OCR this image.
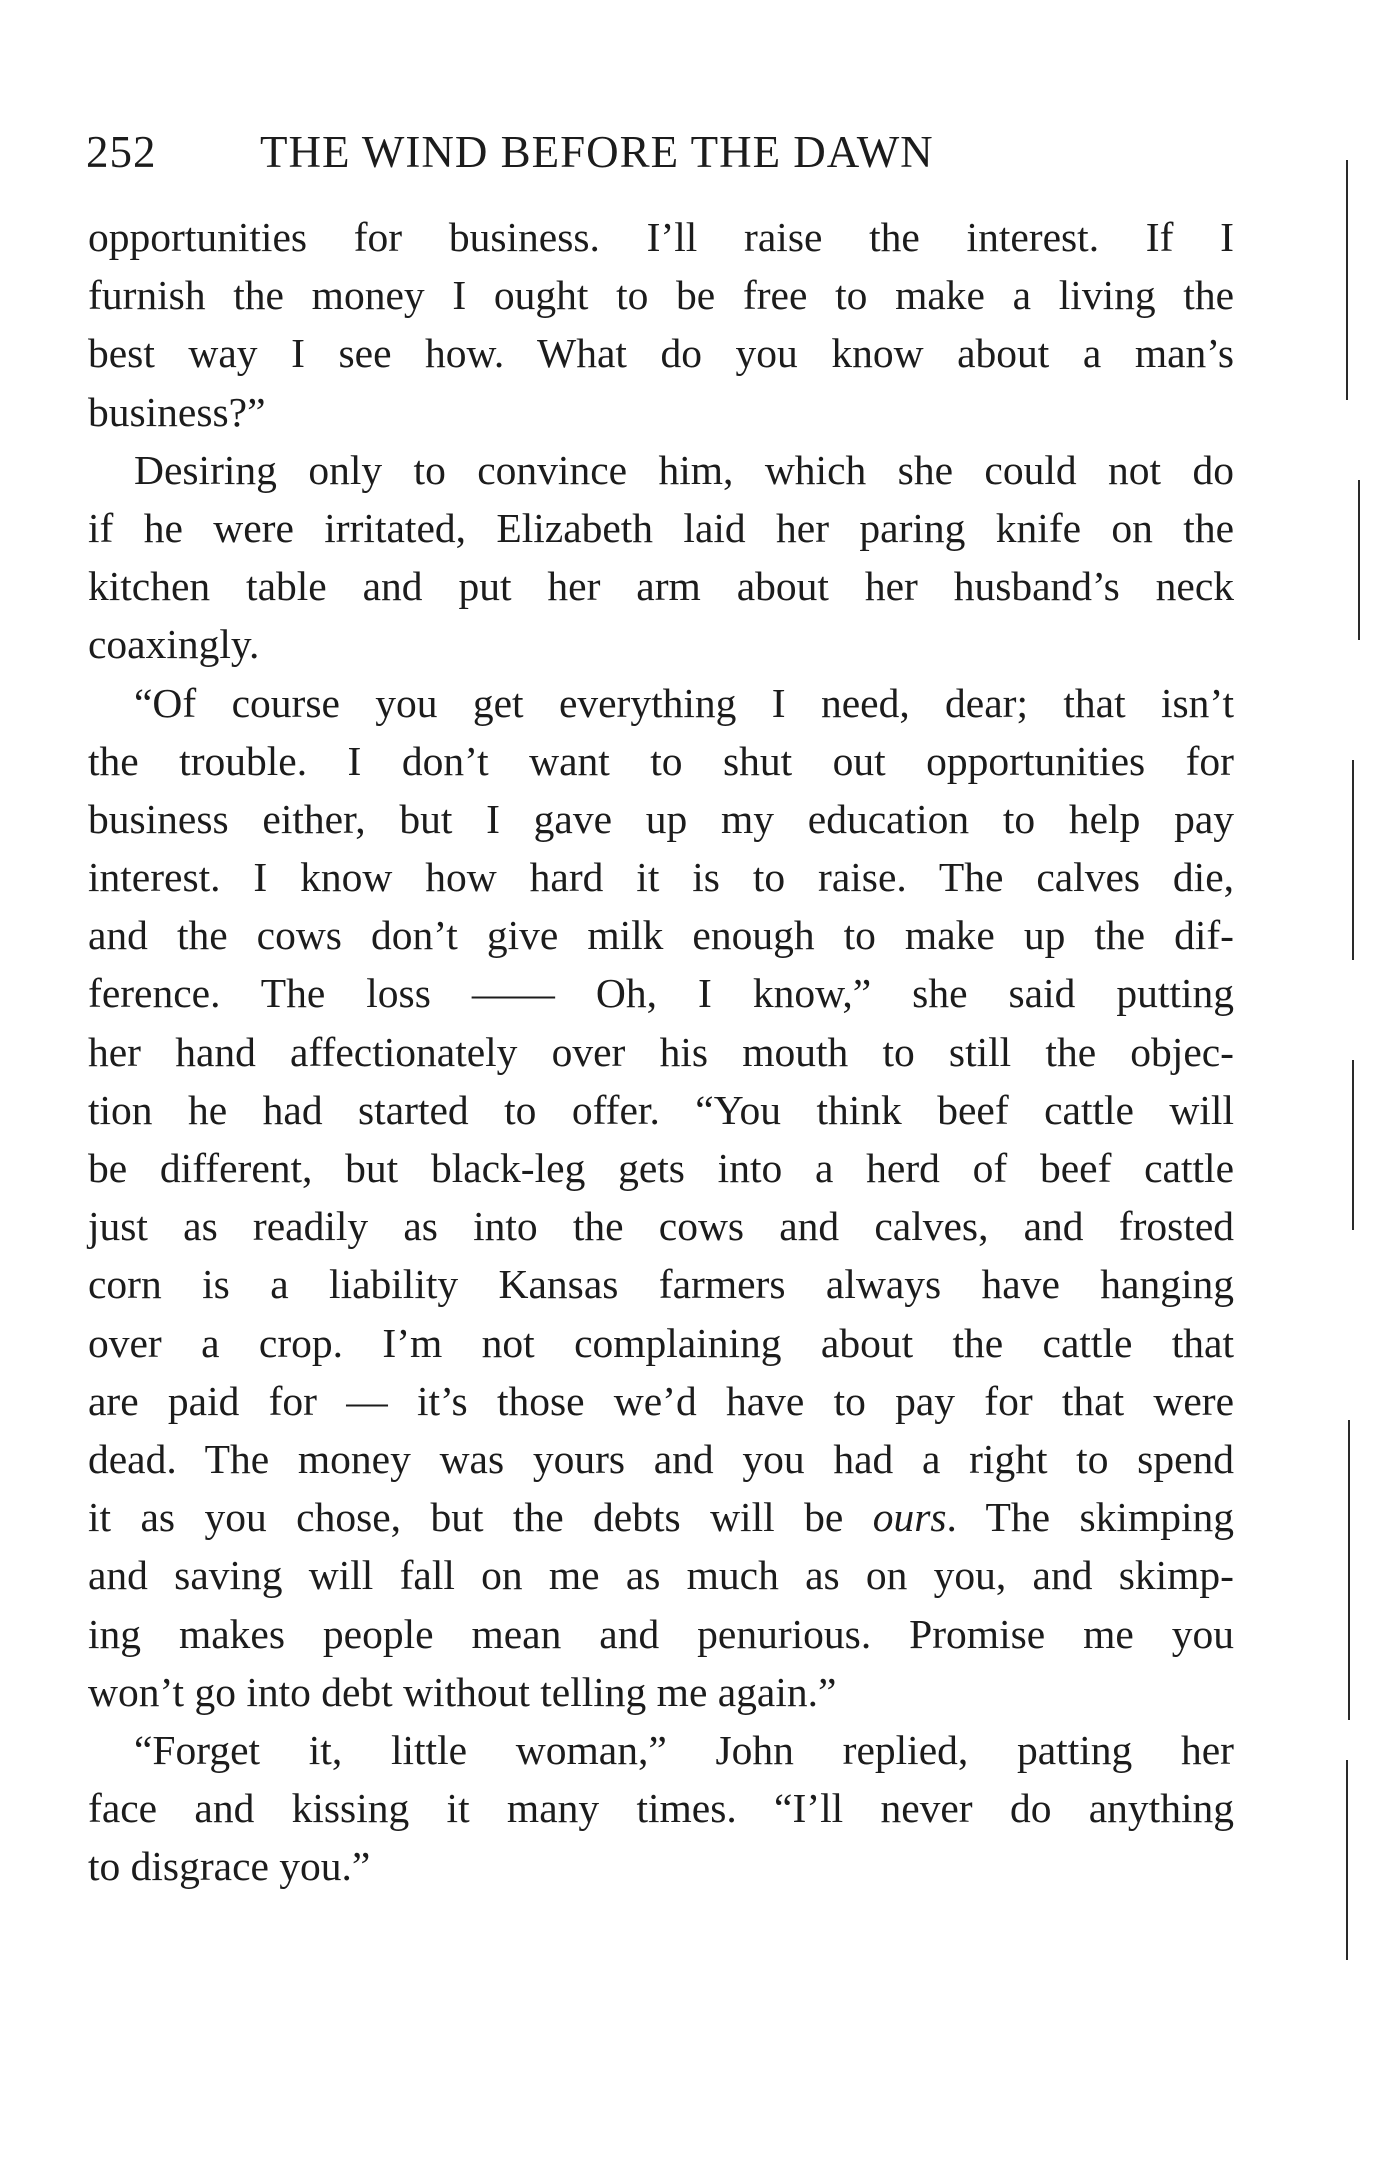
252 THE WIND BEFORE THE DAWN
opportunities for business. I’ll raise the interest. If I
furnish the money I ought to be free to make a living the
best way I see how. What do you know about a man’s
business?”
Desiring only to convince him, which she could not do
if he were irritated, Elizabeth laid her paring knife on the
kitchen table and put her arm about her husband’s neck
coaxingly.
“Of course you get everything I need, dear; that isn’t
the trouble. I don’t want to shut out opportunities for
business either, but I gave up my education to help pay
interest. I know how hard it is to raise. The calves die,
and the cows don’t give milk enough to make up the dif-
ference. The loss —— Oh, I know,” she said putting
her hand affectionately over his mouth to still the objec-
tion he had started to offer. “You think beef cattle will
be different, but black-leg gets into a herd of beef cattle
just as readily as into the cows and calves, and frosted
corn is a liability Kansas farmers always have hanging
over a crop. I’m not complaining about the cattle that
are paid for — it’s those we’d have to pay for that were
dead. The money was yours and you had a right to spend
it as you chose, but the debts will be ours. The skimping
and saving will fall on me as much as on you, and skimp-
ing makes people mean and penurious. Promise me you
won’t go into debt without telling me again.”
“Forget it, little woman,” John replied, patting her
face and kissing it many times. “I’ll never do anything
to disgrace you.”
